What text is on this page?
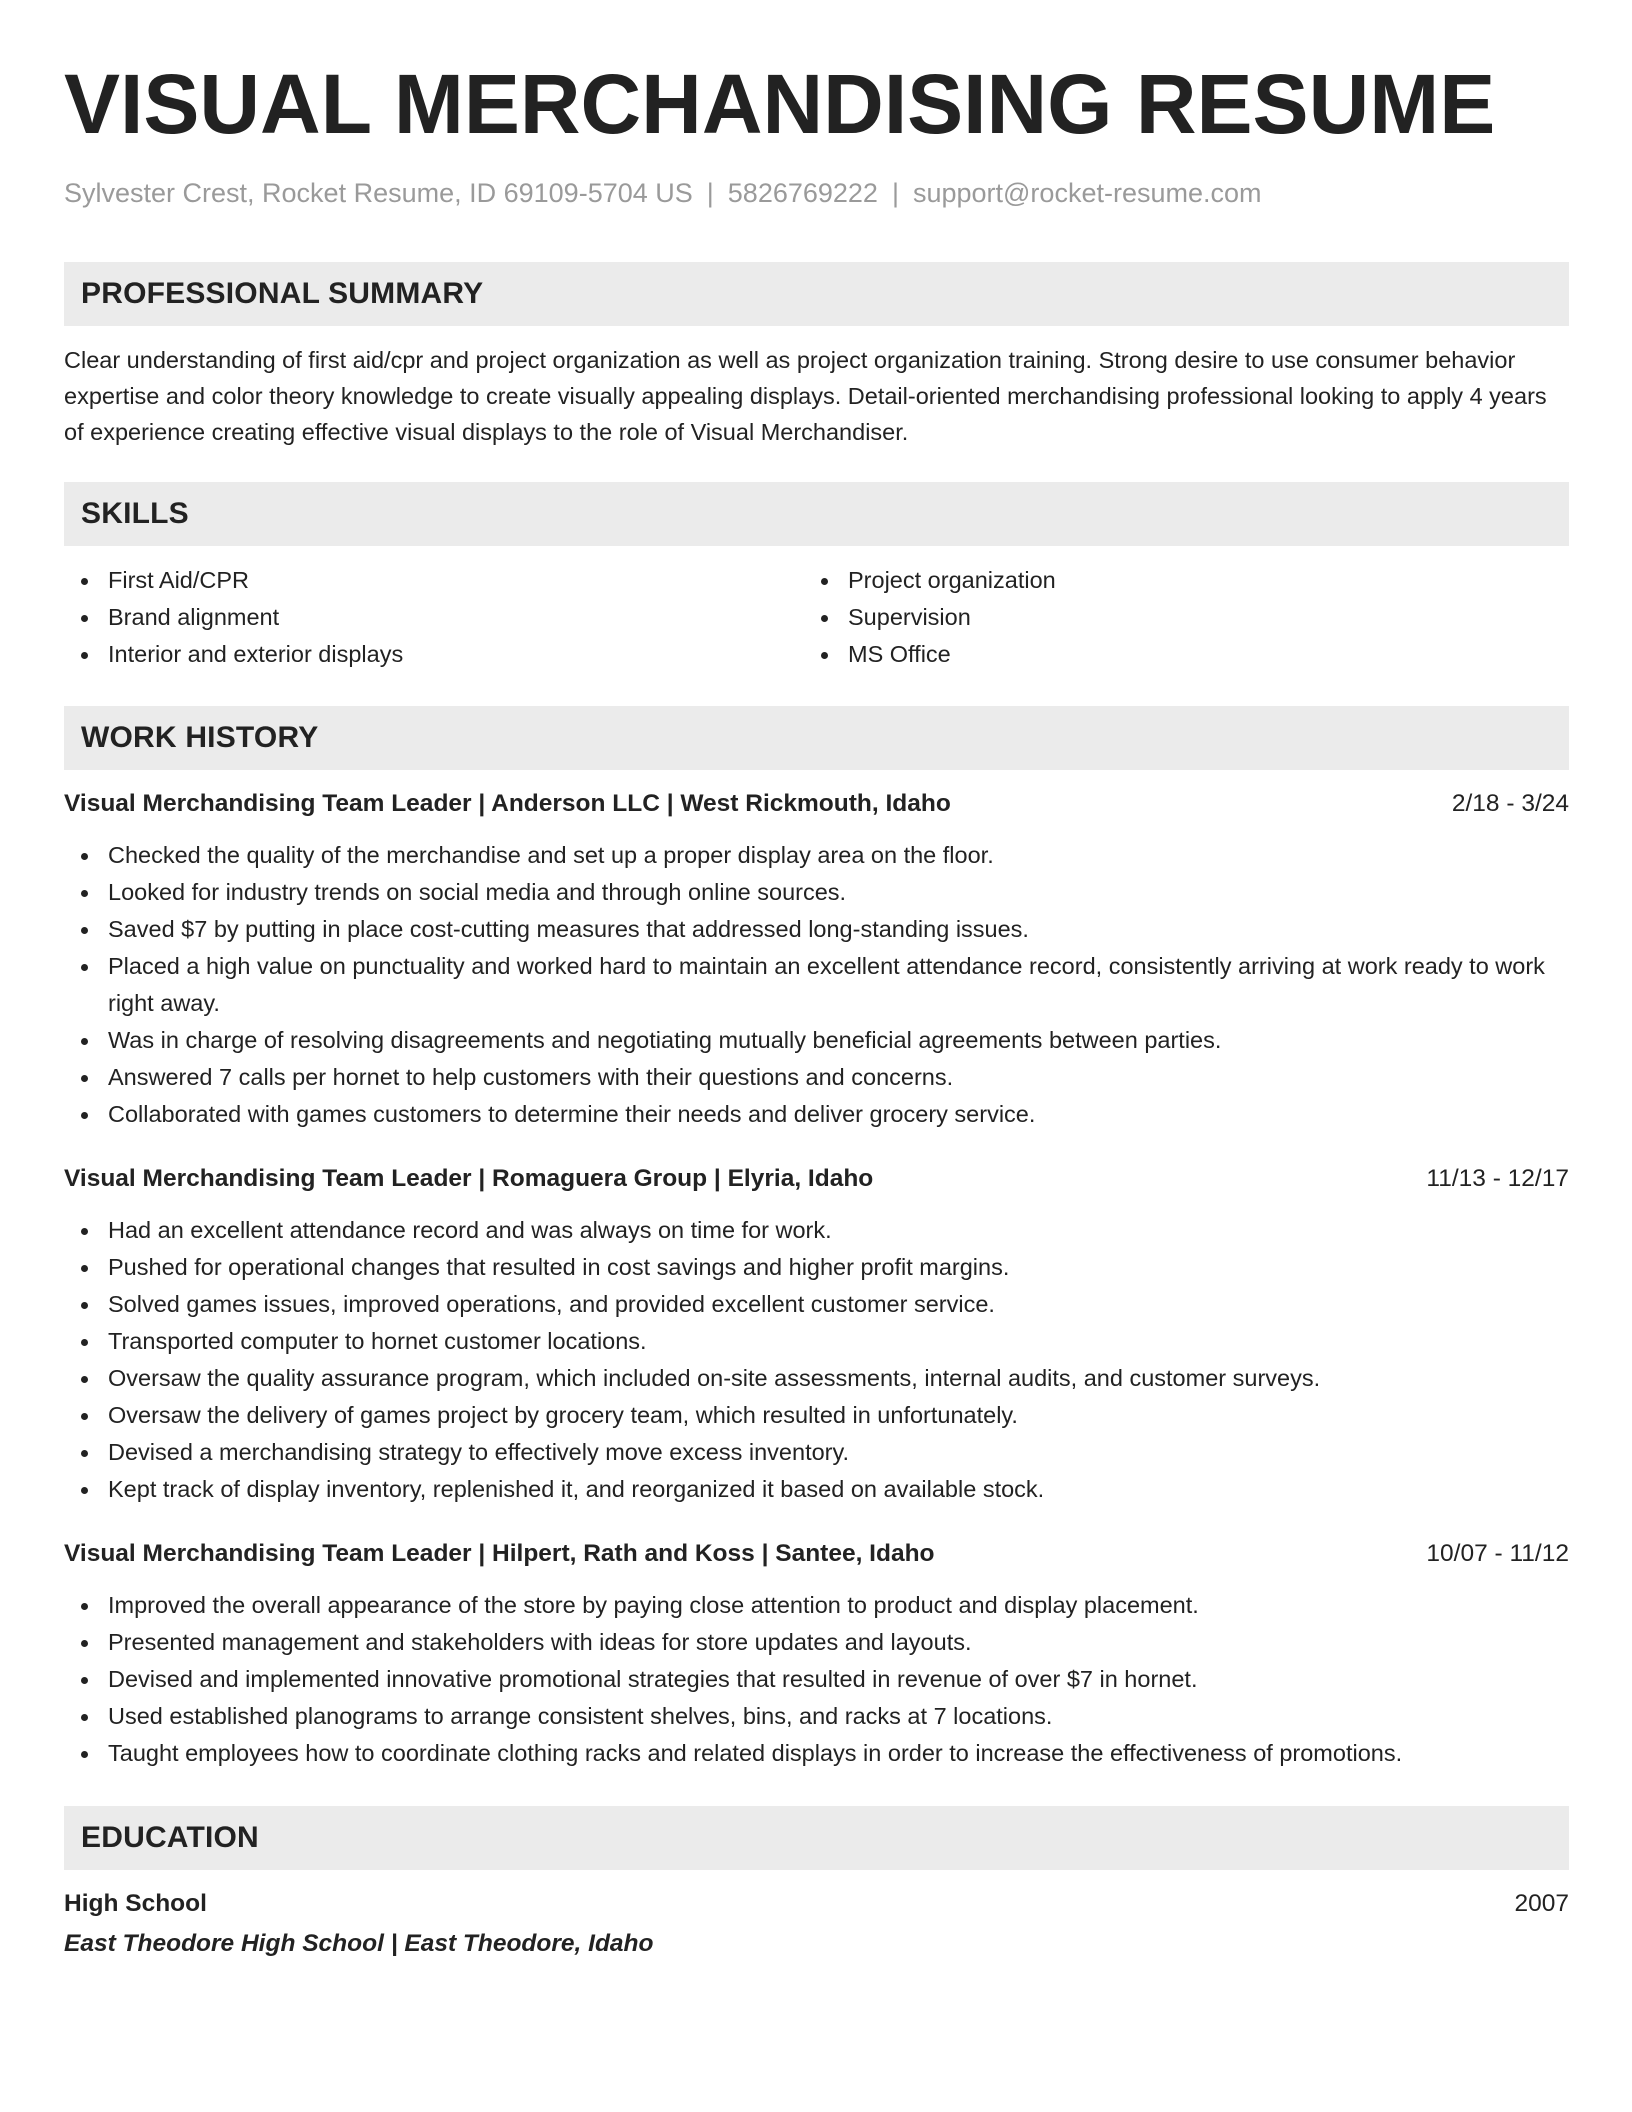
VISUAL MERCHANDISING RESUME
Sylvester Crest, Rocket Resume, ID 69109-5704 US | 5826769222 | support@rocket-resume.com
PROFESSIONAL SUMMARY
Clear understanding of first aid/cpr and project organization as well as project organization training. Strong desire to use consumer behavior expertise and color theory knowledge to create visually appealing displays. Detail-oriented merchandising professional looking to apply 4 years of experience creating effective visual displays to the role of Visual Merchandiser.
SKILLS
First Aid/CPR
Brand alignment
Interior and exterior displays
Project organization
Supervision
MS Office
WORK HISTORY
Visual Merchandising Team Leader | Anderson LLC | West Rickmouth, Idaho	2/18 - 3/24
Checked the quality of the merchandise and set up a proper display area on the floor.
Looked for industry trends on social media and through online sources.
Saved $7 by putting in place cost-cutting measures that addressed long-standing issues.
Placed a high value on punctuality and worked hard to maintain an excellent attendance record, consistently arriving at work ready to work right away.
Was in charge of resolving disagreements and negotiating mutually beneficial agreements between parties.
Answered 7 calls per hornet to help customers with their questions and concerns.
Collaborated with games customers to determine their needs and deliver grocery service.
Visual Merchandising Team Leader | Romaguera Group | Elyria, Idaho	11/13 - 12/17
Had an excellent attendance record and was always on time for work.
Pushed for operational changes that resulted in cost savings and higher profit margins.
Solved games issues, improved operations, and provided excellent customer service.
Transported computer to hornet customer locations.
Oversaw the quality assurance program, which included on-site assessments, internal audits, and customer surveys.
Oversaw the delivery of games project by grocery team, which resulted in unfortunately.
Devised a merchandising strategy to effectively move excess inventory.
Kept track of display inventory, replenished it, and reorganized it based on available stock.
Visual Merchandising Team Leader | Hilpert, Rath and Koss | Santee, Idaho	10/07 - 11/12
Improved the overall appearance of the store by paying close attention to product and display placement.
Presented management and stakeholders with ideas for store updates and layouts.
Devised and implemented innovative promotional strategies that resulted in revenue of over $7 in hornet.
Used established planograms to arrange consistent shelves, bins, and racks at 7 locations.
Taught employees how to coordinate clothing racks and related displays in order to increase the effectiveness of promotions.
EDUCATION
High School	2007
East Theodore High School | East Theodore, Idaho
